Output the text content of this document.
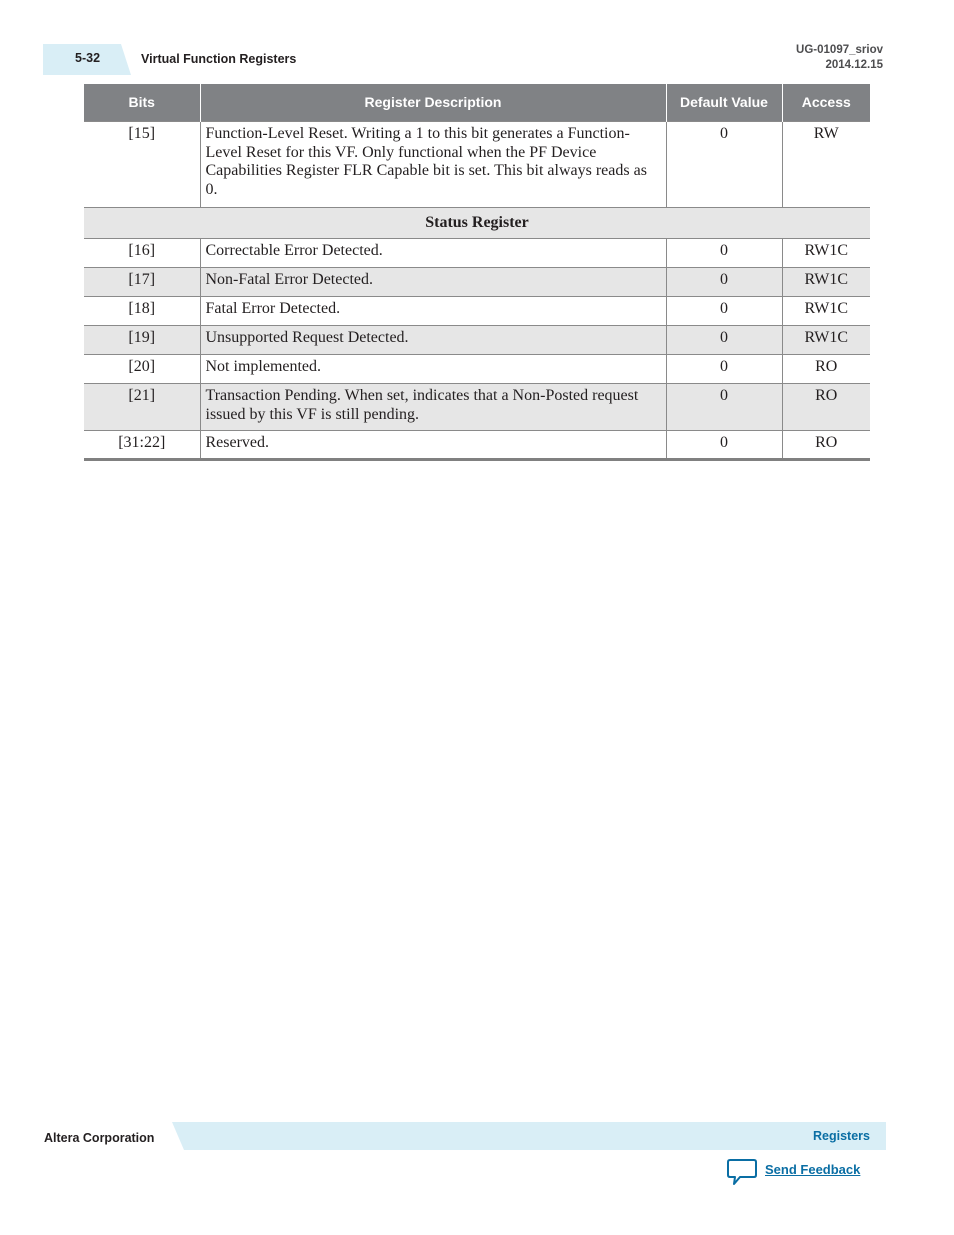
5-32	Virtual Function Registers
UG-01097_sriov
2014.12.15
Bits	Register Description	Default Value	Access
[15]	Function-Level Reset. Writing a 1 to this bit generates a Function-Level Reset for this VF. Only functional when the PF Device Capabilities Register FLR Capable bit is set. This bit always reads as 0.	0	RW
Status Register			
[16]	Correctable Error Detected.	0	RW1C
[17]	Non-Fatal Error Detected.	0	RW1C
[18]	Fatal Error Detected.	0	RW1C
[19]	Unsupported Request Detected.	0	RW1C
[20]	Not implemented.	0	RO
[21]	Transaction Pending. When set, indicates that a Non-Posted request issued by this VF is still pending.	0	RO
[31:22]	Reserved.	0	RO
Altera Corporation	Registers
Send Feedback
